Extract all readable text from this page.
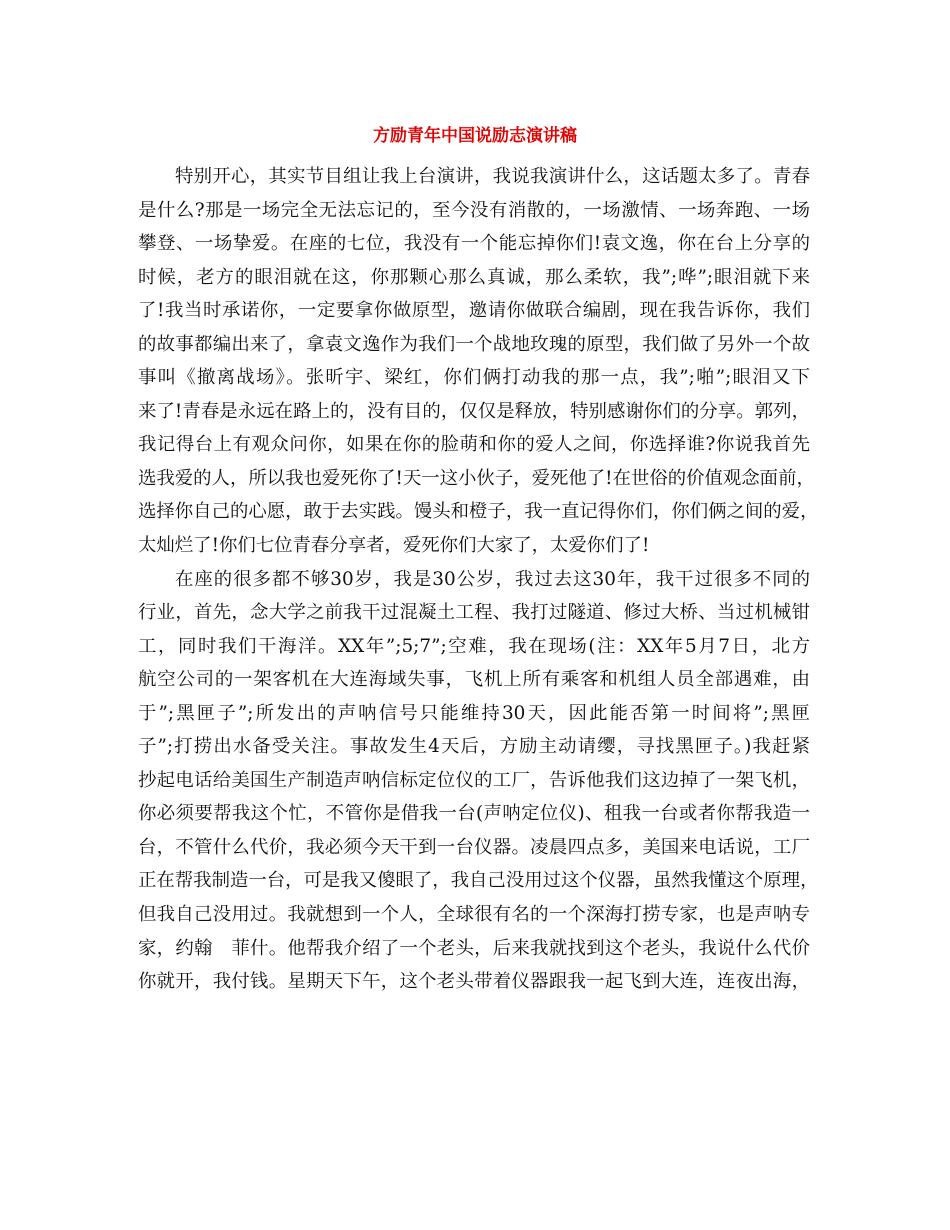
方励青年中国说励志演讲稿
特别开心，其实节目组让我上台演讲，我说我演讲什么，这话题太多了。青春
是什么?那是一场完全无法忘记的，至今没有消散的，一场激情、一场奔跑、一场
攀登、一场挚爱。在座的七位，我没有一个能忘掉你们!袁文逸，你在台上分享的
时候，老方的眼泪就在这，你那颗心那么真诚，那么柔软，我”;哗”;眼泪就下来
了!我当时承诺你，一定要拿你做原型，邀请你做联合编剧，现在我告诉你，我们
的故事都编出来了，拿袁文逸作为我们一个战地玫瑰的原型，我们做了另外一个故
事叫《撤离战场》。张昕宇、梁红，你们俩打动我的那一点，我”;啪”;眼泪又下
来了!青春是永远在路上的，没有目的，仅仅是释放，特别感谢你们的分享。郭列，
我记得台上有观众问你，如果在你的脸萌和你的爱人之间，你选择谁?你说我首先
选我爱的人，所以我也爱死你了!天一这小伙子，爱死他了!在世俗的价值观念面前，
选择你自己的心愿，敢于去实践。馒头和橙子，我一直记得你们，你们俩之间的爱，
太灿烂了!你们七位青春分享者，爱死你们大家了，太爱你们了!
在座的很多都不够30岁，我是30公岁，我过去这30年，我干过很多不同的
行业，首先，念大学之前我干过混凝土工程、我打过隧道、修过大桥、当过机械钳
工，同时我们干海洋。XX年”;5;7”;空难，我在现场(注：XX年5月7日，北方
航空公司的一架客机在大连海域失事，飞机上所有乘客和机组人员全部遇难，由
于”;黑匣子”;所发出的声呐信号只能维持30天，因此能否第一时间将”;黑匣
子”;打捞出水备受关注。事故发生4天后，方励主动请缨，寻找黑匣子。)我赶紧
抄起电话给美国生产制造声呐信标定位仪的工厂，告诉他我们这边掉了一架飞机，
你必须要帮我这个忙，不管你是借我一台(声呐定位仪)、租我一台或者你帮我造一
台，不管什么代价，我必须今天干到一台仪器。凌晨四点多，美国来电话说，工厂
正在帮我制造一台，可是我又傻眼了，我自己没用过这个仪器，虽然我懂这个原理，
但我自己没用过。我就想到一个人，全球很有名的一个深海打捞专家，也是声呐专
家，约翰　菲什。他帮我介绍了一个老头，后来我就找到这个老头，我说什么代价
你就开，我付钱。星期天下午，这个老头带着仪器跟我一起飞到大连，连夜出海，
